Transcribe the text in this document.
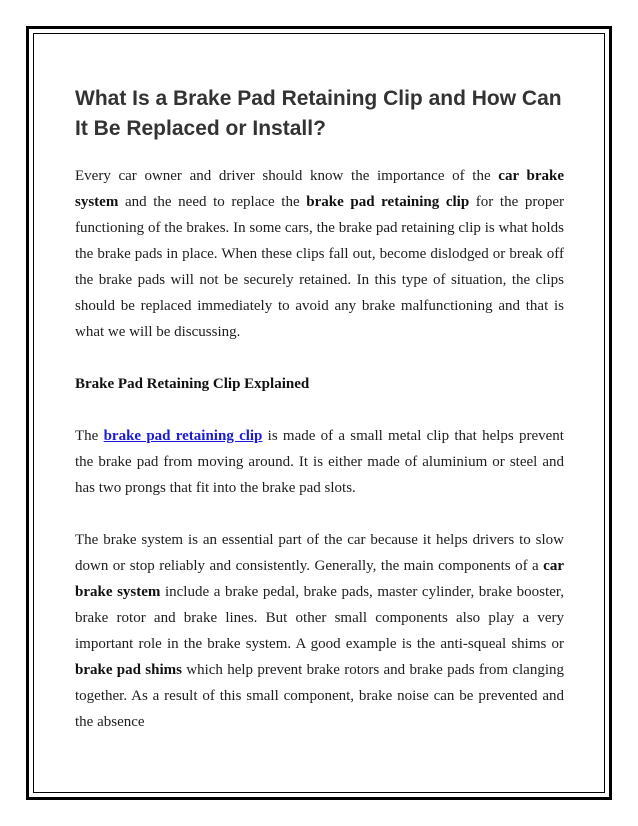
What Is a Brake Pad Retaining Clip and How Can It Be Replaced or Install?

Every car owner and driver should know the importance of the car brake system and the need to replace the brake pad retaining clip for the proper functioning of the brakes. In some cars, the brake pad retaining clip is what holds the brake pads in place. When these clips fall out, become dislodged or break off the brake pads will not be securely retained. In this type of situation, the clips should be replaced immediately to avoid any brake malfunctioning and that is what we will be discussing.

Brake Pad Retaining Clip Explained

The brake pad retaining clip is made of a small metal clip that helps prevent the brake pad from moving around. It is either made of aluminium or steel and has two prongs that fit into the brake pad slots.

The brake system is an essential part of the car because it helps drivers to slow down or stop reliably and consistently. Generally, the main components of a car brake system include a brake pedal, brake pads, master cylinder, brake booster, brake rotor and brake lines. But other small components also play a very important role in the brake system. A good example is the anti-squeal shims or brake pad shims which help prevent brake rotors and brake pads from clanging together. As a result of this small component, brake noise can be prevented and the absence
